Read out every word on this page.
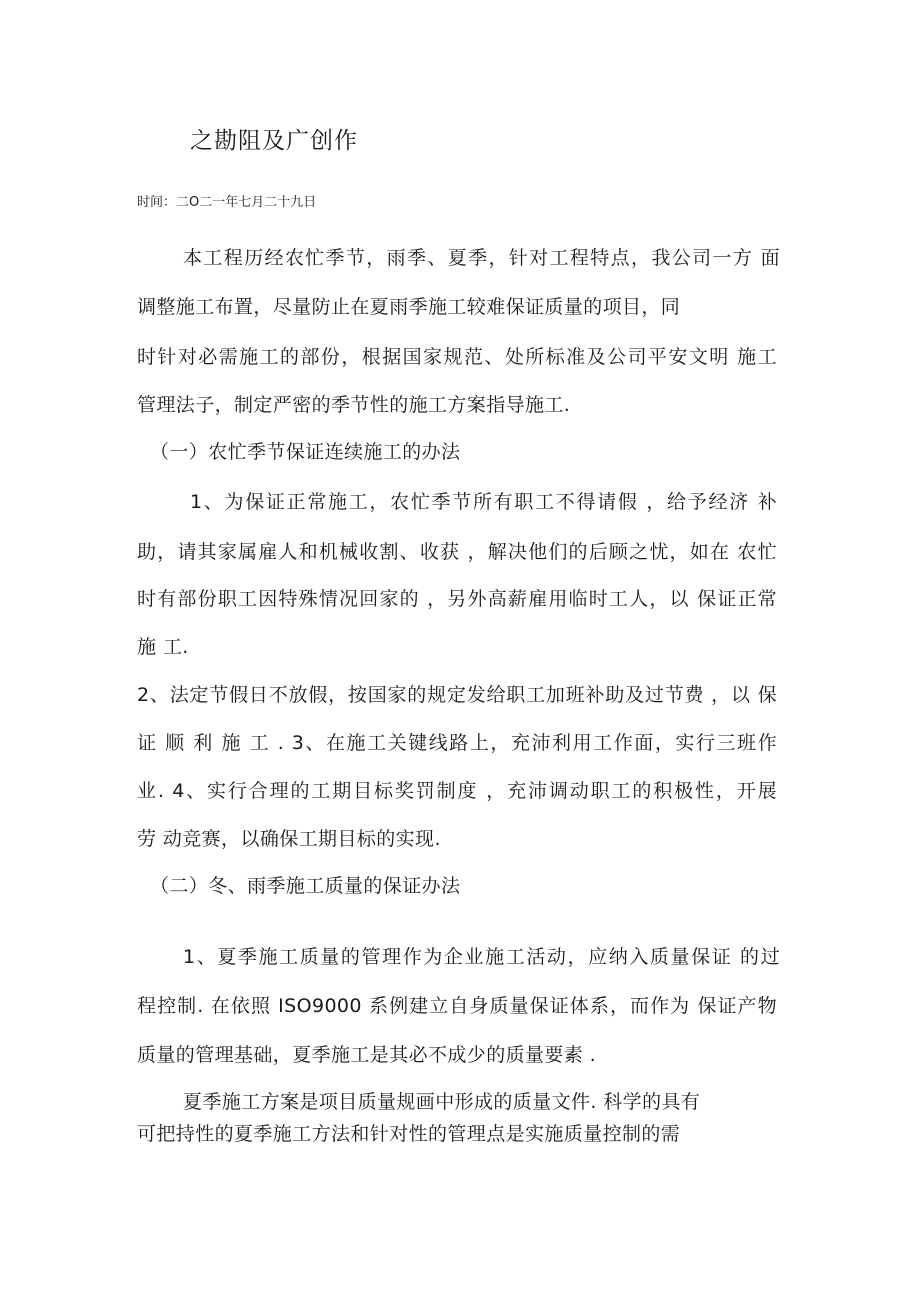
之勘阻及广创作
时间：二O二一年七月二十九日
本工程历经农忙季节，雨季、夏季，针对工程特点，我公司一方 面
调整施工布置，尽量防止在夏雨季施工较难保证质量的项目，同
时针对必需施工的部份，根据国家规范、处所标准及公司平安文明 施工
管理法子，制定严密的季节性的施工方案指导施工.
（一）农忙季节保证连续施工的办法
1、为保证正常施工，农忙季节所有职工不得请假 ，给予经济 补
助，请其家属雇人和机械收割、收获 ，解决他们的后顾之忧，如在 农忙
时有部份职工因特殊情况回家的 ，另外高薪雇用临时工人，以 保证正常
施 工.
2、法定节假日不放假，按国家的规定发给职工加班补助及过节费 ，以 保
证 顺 利 施 工 . 3、在施工关键线路上，充沛利用工作面，实行三班作
业. 4、实行合理的工期目标奖罚制度 ，充沛调动职工的积极性，开展
劳 动竞赛，以确保工期目标的实现.
（二）冬、雨季施工质量的保证办法
1、夏季施工质量的管理作为企业施工活动，应纳入质量保证 的过
程控制. 在依照 ISO9000 系例建立自身质量保证体系，而作为 保证产物
质量的管理基础，夏季施工是其必不成少的质量要素 .
夏季施工方案是项目质量规画中形成的质量文件. 科学的具有
可把持性的夏季施工方法和针对性的管理点是实施质量控制的需
